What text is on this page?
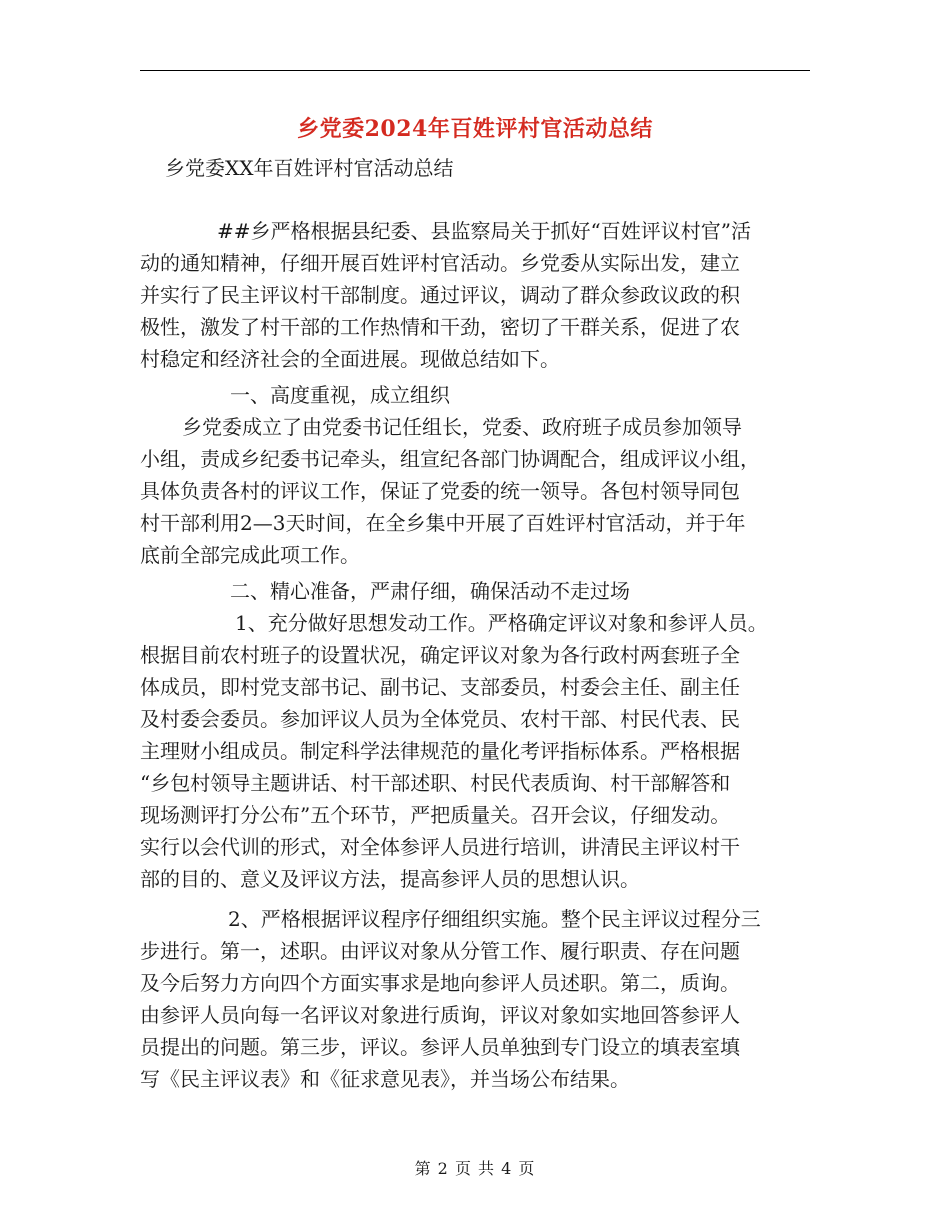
乡党委2024年百姓评村官活动总结

乡党委XX年百姓评村官活动总结

##乡严格根据县纪委、县监察局关于抓好“百姓评议村官”活

动的通知精神，仔细开展百姓评村官活动。乡党委从实际出发，建立

并实行了民主评议村干部制度。通过评议，调动了群众参政议政的积

极性，激发了村干部的工作热情和干劲，密切了干群关系，促进了农

村稳定和经济社会的全面进展。现做总结如下。

一、高度重视，成立组织

乡党委成立了由党委书记任组长，党委、政府班子成员参加领导

小组，责成乡纪委书记牵头，组宣纪各部门协调配合，组成评议小组，

具体负责各村的评议工作，保证了党委的统一领导。各包村领导同包

村干部利用2—3天时间，在全乡集中开展了百姓评村官活动，并于年

底前全部完成此项工作。

二、精心准备，严肃仔细，确保活动不走过场

1、充分做好思想发动工作。严格确定评议对象和参评人员。

根据目前农村班子的设置状况，确定评议对象为各行政村两套班子全

体成员，即村党支部书记、副书记、支部委员，村委会主任、副主任

及村委会委员。参加评议人员为全体党员、农村干部、村民代表、民

主理财小组成员。制定科学法律规范的量化考评指标体系。严格根据

“乡包村领导主题讲话、村干部述职、村民代表质询、村干部解答和

现场测评打分公布”五个环节，严把质量关。召开会议，仔细发动。

实行以会代训的形式，对全体参评人员进行培训，讲清民主评议村干

部的目的、意义及评议方法，提高参评人员的思想认识。

2、严格根据评议程序仔细组织实施。整个民主评议过程分三

步进行。第一，述职。由评议对象从分管工作、履行职责、存在问题

及今后努力方向四个方面实事求是地向参评人员述职。第二，质询。

由参评人员向每一名评议对象进行质询，评议对象如实地回答参评人

员提出的问题。第三步，评议。参评人员单独到专门设立的填表室填

写《民主评议表》和《征求意见表》，并当场公布结果。

第 2 页 共 4 页
